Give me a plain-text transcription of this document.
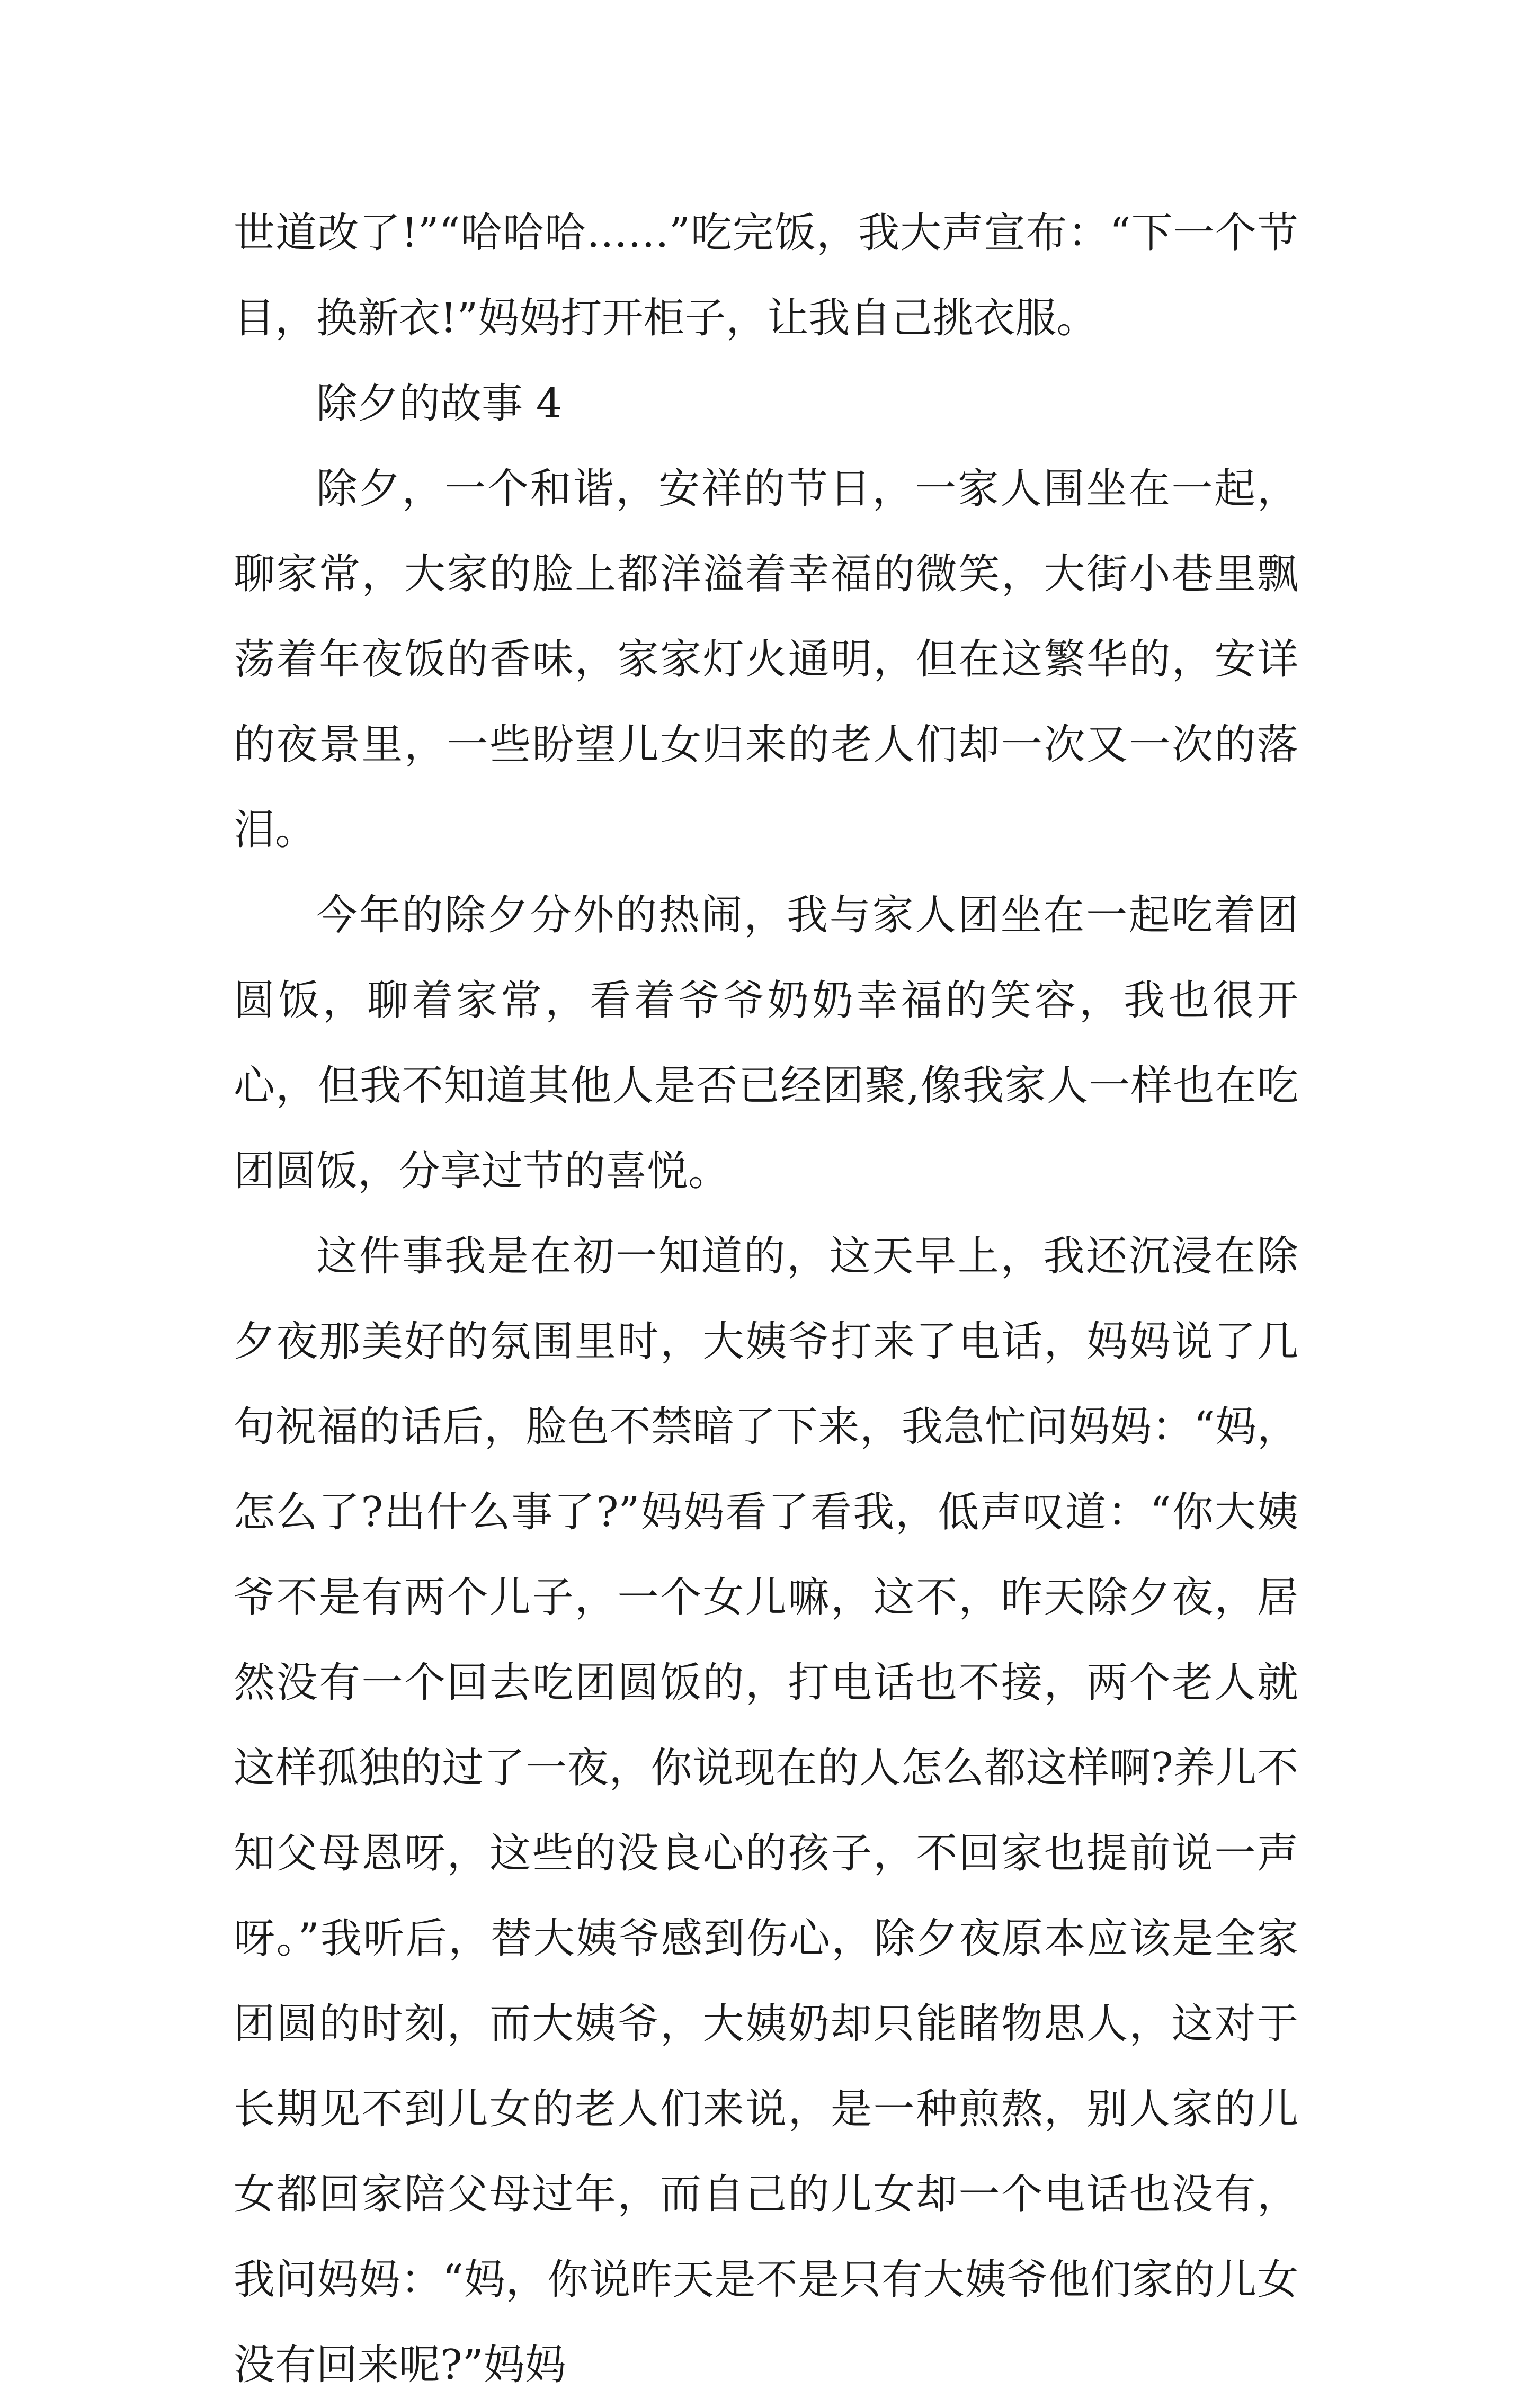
世道改了!”“哈哈哈……”吃完饭，我大声宣布：“下一个节目，换新衣!”妈妈打开柜子，让我自己挑衣服。

除夕的故事 4

除夕，一个和谐，安祥的节日，一家人围坐在一起，聊家常，大家的脸上都洋溢着幸福的微笑，大街小巷里飘荡着年夜饭的香味，家家灯火通明，但在这繁华的，安详的夜景里，一些盼望儿女归来的老人们却一次又一次的落泪。

今年的除夕分外的热闹，我与家人团坐在一起吃着团圆饭，聊着家常，看着爷爷奶奶幸福的笑容，我也很开心，但我不知道其他人是否已经团聚,像我家人一样也在吃团圆饭，分享过节的喜悦。

这件事我是在初一知道的，这天早上，我还沉浸在除夕夜那美好的氛围里时，大姨爷打来了电话，妈妈说了几句祝福的话后，脸色不禁暗了下来，我急忙问妈妈：“妈，怎么了?出什么事了?”妈妈看了看我，低声叹道：“你大姨爷不是有两个儿子，一个女儿嘛，这不，昨天除夕夜，居然没有一个回去吃团圆饭的，打电话也不接，两个老人就这样孤独的过了一夜，你说现在的人怎么都这样啊?养儿不知父母恩呀，这些的没良心的孩子，不回家也提前说一声呀。”我听后，替大姨爷感到伤心，除夕夜原本应该是全家团圆的时刻，而大姨爷，大姨奶却只能睹物思人，这对于长期见不到儿女的老人们来说，是一种煎熬，别人家的儿女都回家陪父母过年，而自己的儿女却一个电话也没有，我问妈妈：“妈，你说昨天是不是只有大姨爷他们家的儿女没有回来呢?”妈妈
